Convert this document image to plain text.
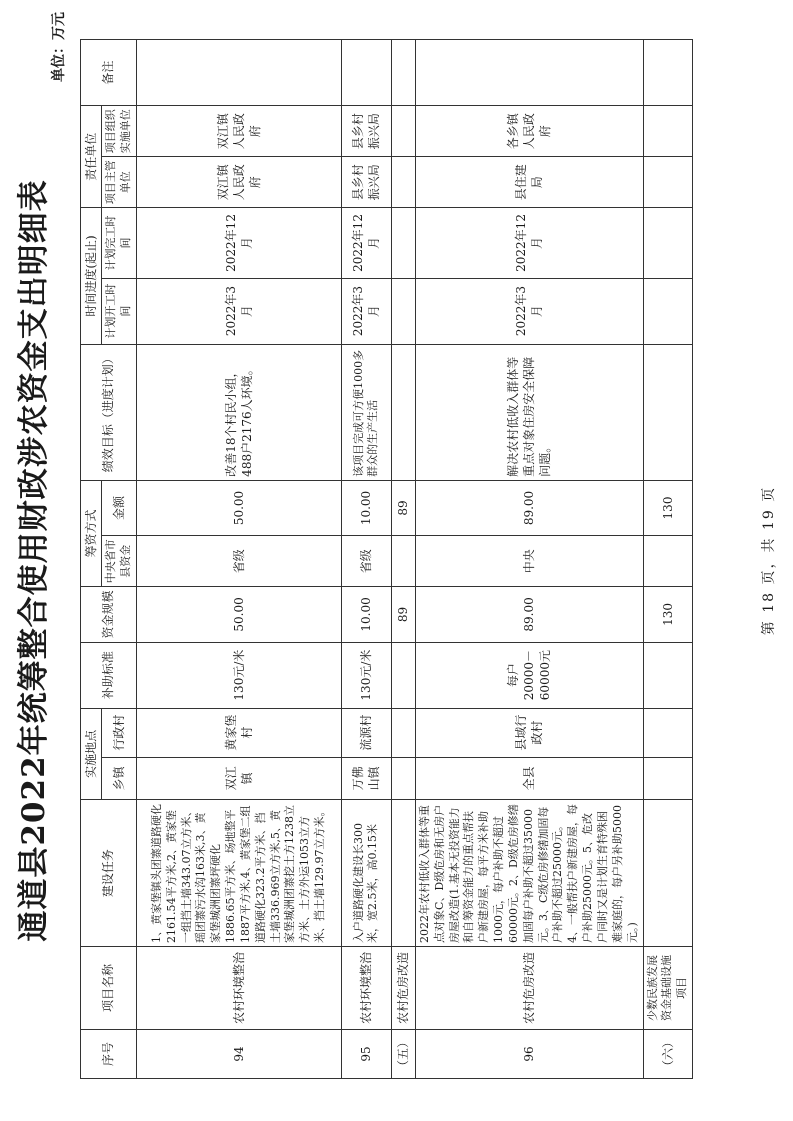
通道县2022年统筹整合使用财政涉农资金支出明细表
单位：万元
序号	项目名称	建设任务	实施地点		补助标准	资金规模	筹资方式		绩效目标（进度计划）	时间进度(起止)		责任单位		备注
			乡镇	行政村			中央省市县资金	金额		计划开工时间	计划完工时间	项目主管单位	项目组织实施单位	
94	农村环境整治	1、黄家堡镇头团寨道路硬化2161.54平方米,2、黄家堡一组挡土墙343.07立方米、瑶团寨污水沟163米,3、黄家堡城洲团寨坪硬化1886.65平方米、场地整平1887平方米,4、黄家堡二组道路硬化323.2平方米、挡土墙336.969立方米,5、黄家堡城洲团寨挖土方1238立方米、土方外运1053立方米、挡土墙129.97立方米。	双江镇	黄家堡村	130元/米	50.00	省级	50.00	改善18个村民小组，488户2176人环境。	2022年3月	2022年12月	双江镇人民政府	双江镇人民政府	
95	农村环境整治	入户道路硬化建设长300米，宽2.5米，高0.15米	万佛山镇	流源村	130元/米	10.00	省级	10.00	该项目完成可方便1000多群众的生产生活	2022年3月	2022年12月	县乡村振兴局	县乡村振兴局	
（五）	农村危房改造					89		89						
96	农村危房改造	2022年农村低收入群体等重点对象C、D级危房和无房户房屋改造(1.基本无投资能力和自筹资金能力的重点帮扶户新建房屋，每平方米补助1000元，每户补助不超过60000元。2、D级危房修缮加固每户补助不超过35000元。3、C级危房修缮加固每户补助不超过25000元。4、一般帮扶户新建房屋，每户补助25000元。5、危改户同时又是计划生育特殊困难家庭的，每户另补助5000元。)	全县	县域行政村	每户20000－60000元	89.00	中央	89.00	解决农村低收入群体等重点对象住房安全保障问题。	2022年3月	2022年12月	县住建局	各乡镇人民政府	
（六）	少数民族发展资金基础设施项目					130		130							第 18 页，共 19 页
